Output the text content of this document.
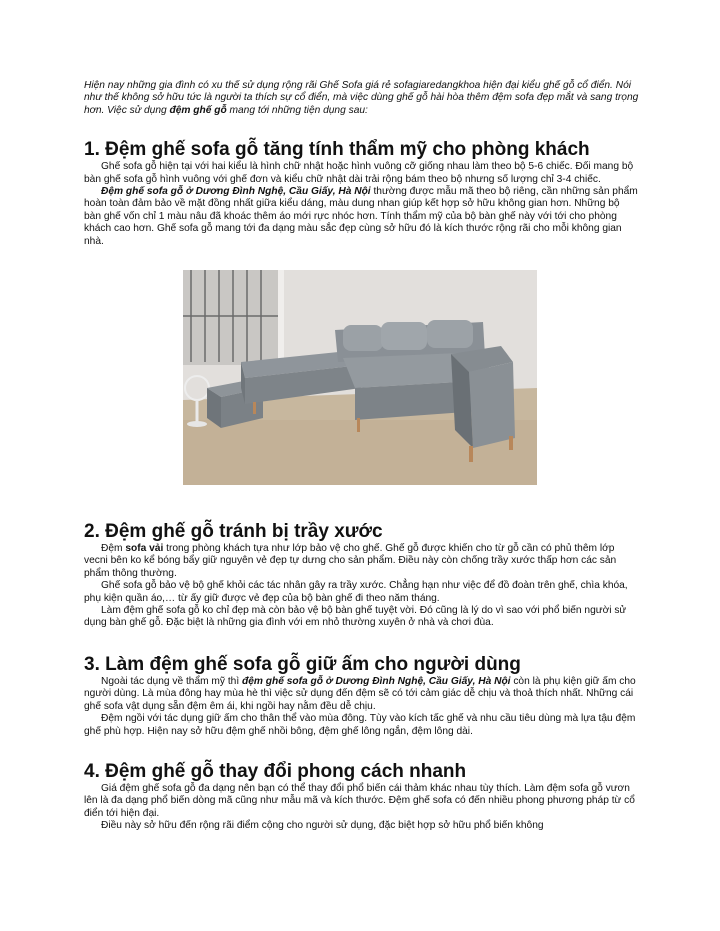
Hiện nay những gia đình có xu thế sử dụng rộng rãi Ghế Sofa giá rẻ sofagiaredangkhoa hiện đại kiểu ghế gỗ cổ điển. Nói như thế không sở hữu tức là người ta thích sự cổ điển, mà việc dùng ghế gỗ hài hòa thêm đệm sofa đẹp mắt và sang trọng hơn. Việc sử dụng đệm ghế gỗ mang tới những tiện dụng sau:

1. Đệm ghế sofa gỗ tăng tính thẩm mỹ cho phòng khách

Ghế sofa gỗ hiện tại với hai kiểu là hình chữ nhật hoặc hình vuông cỡ giống nhau làm theo bộ 5-6 chiếc. Đối mang bộ bàn ghế sofa gỗ hình vuông với ghế đơn và kiểu chữ nhật dài trải rộng bám theo bộ nhưng số lượng chỉ 3-4 chiếc.

Đệm ghế sofa gỗ ở Dương Đình Nghệ, Cầu Giấy, Hà Nội thường được mẫu mã theo bộ riêng, cần những sản phẩm hoàn toàn đảm bảo về mặt đồng nhất giữa kiểu dáng, màu dung nhan giúp kết hợp sở hữu không gian hơn. Những bộ bàn ghế vốn chỉ 1 màu nâu đã khoác thêm áo mới rực nhóc hơn. Tính thẩm mỹ của bộ bàn ghế này với tới cho phòng khách cao hơn. Ghế sofa gỗ mang tới đa dạng màu sắc đẹp cùng sở hữu đó là kích thước rộng rãi cho mỗi không gian nhà.

2. Đệm ghế gỗ tránh bị trầy xước

Đệm sofa vải trong phòng khách tựa như lớp bảo vệ cho ghế. Ghế gỗ được khiến cho từ gỗ cần có phủ thêm lớp vecni bên ko kể bóng bẩy giữ nguyên vẻ đẹp tự dưng cho sản phẩm. Điều này còn chống trầy xước thấp hơn các sản phẩm thông thường.

Ghế sofa gỗ bảo vệ bộ ghế khỏi các tác nhân gây ra trầy xước. Chẳng hạn như việc để đồ đoàn trên ghế, chìa khóa, phụ kiện quần áo,… từ ấy giữ được vẻ đẹp của bộ bàn ghế đi theo năm tháng.

Làm đệm ghế sofa gỗ ko chỉ đẹp mà còn bảo vệ bộ bàn ghế tuyệt vời. Đó cũng là lý do vì sao với phổ biến người sử dụng bàn ghế gỗ. Đặc biệt là những gia đình với em nhỏ thường xuyên ở nhà và chơi đùa.

3. Làm đệm ghế sofa gỗ giữ ấm cho người dùng

Ngoài tác dụng về thẩm mỹ thì đệm ghế sofa gỗ ở Dương Đình Nghệ, Cầu Giấy, Hà Nội còn là phụ kiện giữ ấm cho người dùng. Là mùa đông hay mùa hè thì việc sử dụng đến đệm sẽ có tới cảm giác dễ chịu và thoả thích nhất. Những cái ghế sofa vật dụng sẵn đệm êm ái, khi ngồi hay nằm đều dễ chịu.

Đệm ngồi với tác dụng giữ ấm cho thân thể vào mùa đông. Tùy vào kích tấc ghế và nhu cầu tiêu dùng mà lựa tậu đệm ghế phù hợp. Hiện nay sở hữu đệm ghế nhồi bông, đệm ghế lông ngắn, đệm lông dài.

4. Đệm ghế gỗ thay đổi phong cách nhanh

Giá đệm ghế sofa gỗ đa dạng nên bạn có thể thay đổi phổ biến cái thảm khác nhau tùy thích. Làm đệm sofa gỗ vươn lên là đa dạng phổ biến dòng mã cũng như mẫu mã và kích thước. Đệm ghế sofa có đến nhiều phong phương pháp từ cổ điển tới hiện đại.

Điều này sở hữu đến rộng rãi điểm cộng cho người sử dụng, đặc biệt hợp sở hữu phổ biến không
